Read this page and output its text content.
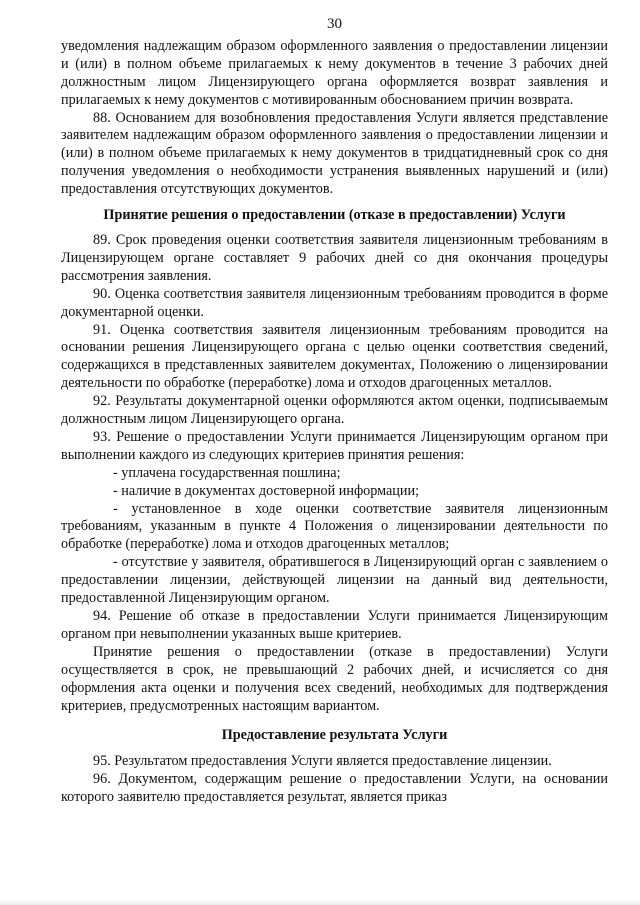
30

уведомления надлежащим образом оформленного заявления о предоставлении лицензии и (или) в полном объеме прилагаемых к нему документов в течение 3 рабочих дней должностным лицом Лицензирующего органа оформляется возврат заявления и прилагаемых к нему документов с мотивированным обоснованием причин возврата.

88. Основанием для возобновления предоставления Услуги является представление заявителем надлежащим образом оформленного заявления о предоставлении лицензии и (или) в полном объеме прилагаемых к нему документов в тридцатидневный срок со дня получения уведомления о необходимости устранения выявленных нарушений и (или) предоставления отсутствующих документов.

Принятие решения о предоставлении (отказе в предоставлении) Услуги

89. Срок проведения оценки соответствия заявителя лицензионным требованиям в Лицензирующем органе составляет 9 рабочих дней со дня окончания процедуры рассмотрения заявления.

90. Оценка соответствия заявителя лицензионным требованиям проводится в форме документарной оценки.

91. Оценка соответствия заявителя лицензионным требованиям проводится на основании решения Лицензирующего органа с целью оценки соответствия сведений, содержащихся в представленных заявителем документах, Положению о лицензировании деятельности по обработке (переработке) лома и отходов драгоценных металлов.

92. Результаты документарной оценки оформляются актом оценки, подписываемым должностным лицом Лицензирующего органа.

93. Решение о предоставлении Услуги принимается Лицензирующим органом при выполнении каждого из следующих критериев принятия решения:

- уплачена государственная пошлина;

- наличие в документах достоверной информации;

- установленное в ходе оценки соответствие заявителя лицензионным требованиям, указанным в пункте 4 Положения о лицензировании деятельности по обработке (переработке) лома и отходов драгоценных металлов;

- отсутствие у заявителя, обратившегося в Лицензирующий орган с заявлением о предоставлении лицензии, действующей лицензии на данный вид деятельности, предоставленной Лицензирующим органом.

94. Решение об отказе в предоставлении Услуги принимается Лицензирующим органом при невыполнении указанных выше критериев.

Принятие решения о предоставлении (отказе в предоставлении) Услуги осуществляется в срок, не превышающий 2 рабочих дней, и исчисляется со дня оформления акта оценки и получения всех сведений, необходимых для подтверждения критериев, предусмотренных настоящим вариантом.

Предоставление результата Услуги

95. Результатом предоставления Услуги является предоставление лицензии.

96. Документом, содержащим решение о предоставлении Услуги, на основании которого заявителю предоставляется результат, является приказ
